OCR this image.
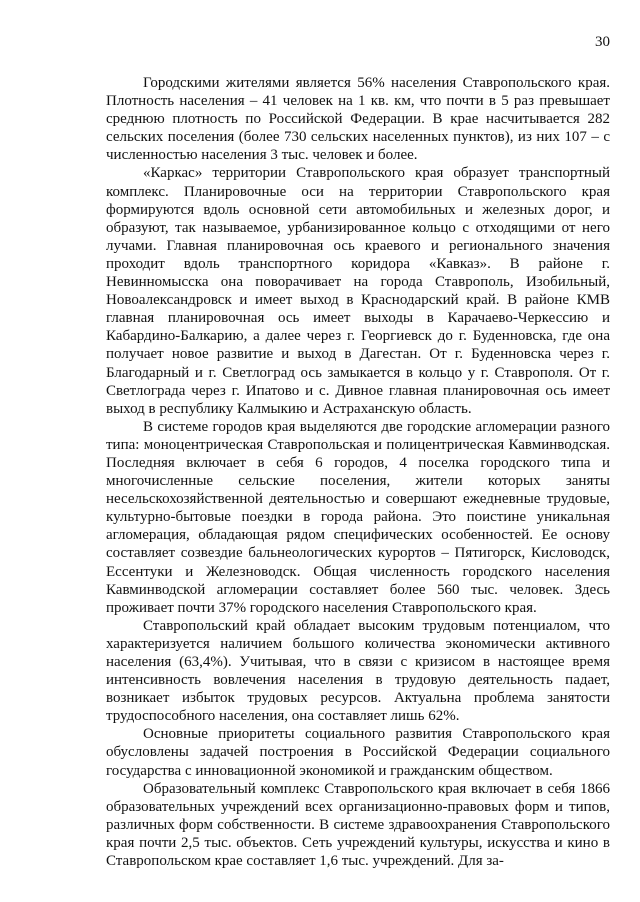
30

Городскими жителями является 56% населения Ставропольского края. Плотность населения – 41 человек на 1 кв. км, что почти в 5 раз превышает среднюю плотность по Российской Федерации. В крае насчитывается 282 сельских поселения (более 730 сельских населенных пунктов), из них 107 – с численностью населения 3 тыс. человек и более.

«Каркас» территории Ставропольского края образует транспортный комплекс. Планировочные оси на территории Ставропольского края формируются вдоль основной сети автомобильных и железных дорог, и образуют, так называемое, урбанизированное кольцо с отходящими от него лучами. Главная планировочная ось краевого и регионального значения проходит вдоль транспортного коридора «Кавказ». В районе г. Невинномысска она поворачивает на города Ставрополь, Изобильный, Новоалександровск и имеет выход в Краснодарский край. В районе КМВ главная планировочная ось имеет выходы в Карачаево-Черкессию и Кабардино-Балкарию, а далее через г. Георгиевск до г. Буденновска, где она получает новое развитие и выход в Дагестан. От г. Буденновска через г. Благодарный и г. Светлоград ось замыкается в кольцо у г. Ставрополя. От г. Светлограда через г. Ипатово и с. Дивное главная планировочная ось имеет выход в республику Калмыкию и Астраханскую область.

В системе городов края выделяются две городские агломерации разного типа: моноцентрическая Ставропольская и полицентрическая Кавминводская. Последняя включает в себя 6 городов, 4 поселка городского типа и многочисленные сельские поселения, жители которых заняты несельскохозяйственной деятельностью и совершают ежедневные трудовые, культурно-бытовые поездки в города района. Это поистине уникальная агломерация, обладающая рядом специфических особенностей. Ее основу составляет созвездие бальнеологических курортов – Пятигорск, Кисловодск, Ессентуки и Железноводск. Общая численность городского населения Кавминводской агломерации составляет более 560 тыс. человек. Здесь проживает почти 37% городского населения Ставропольского края.

Ставропольский край обладает высоким трудовым потенциалом, что характеризуется наличием большого количества экономически активного населения (63,4%). Учитывая, что в связи с кризисом в настоящее время интенсивность вовлечения населения в трудовую деятельность падает, возникает избыток трудовых ресурсов. Актуальна проблема занятости трудоспособного населения, она составляет лишь 62%.

Основные приоритеты социального развития Ставропольского края обусловлены задачей построения в Российской Федерации социального государства с инновационной экономикой и гражданским обществом.

Образовательный комплекс Ставропольского края включает в себя 1866 образовательных учреждений всех организационно-правовых форм и типов, различных форм собственности. В системе здравоохранения Ставропольского края почти 2,5 тыс. объектов. Сеть учреждений культуры, искусства и кино в Ставропольском крае составляет 1,6 тыс. учреждений. Для за-
